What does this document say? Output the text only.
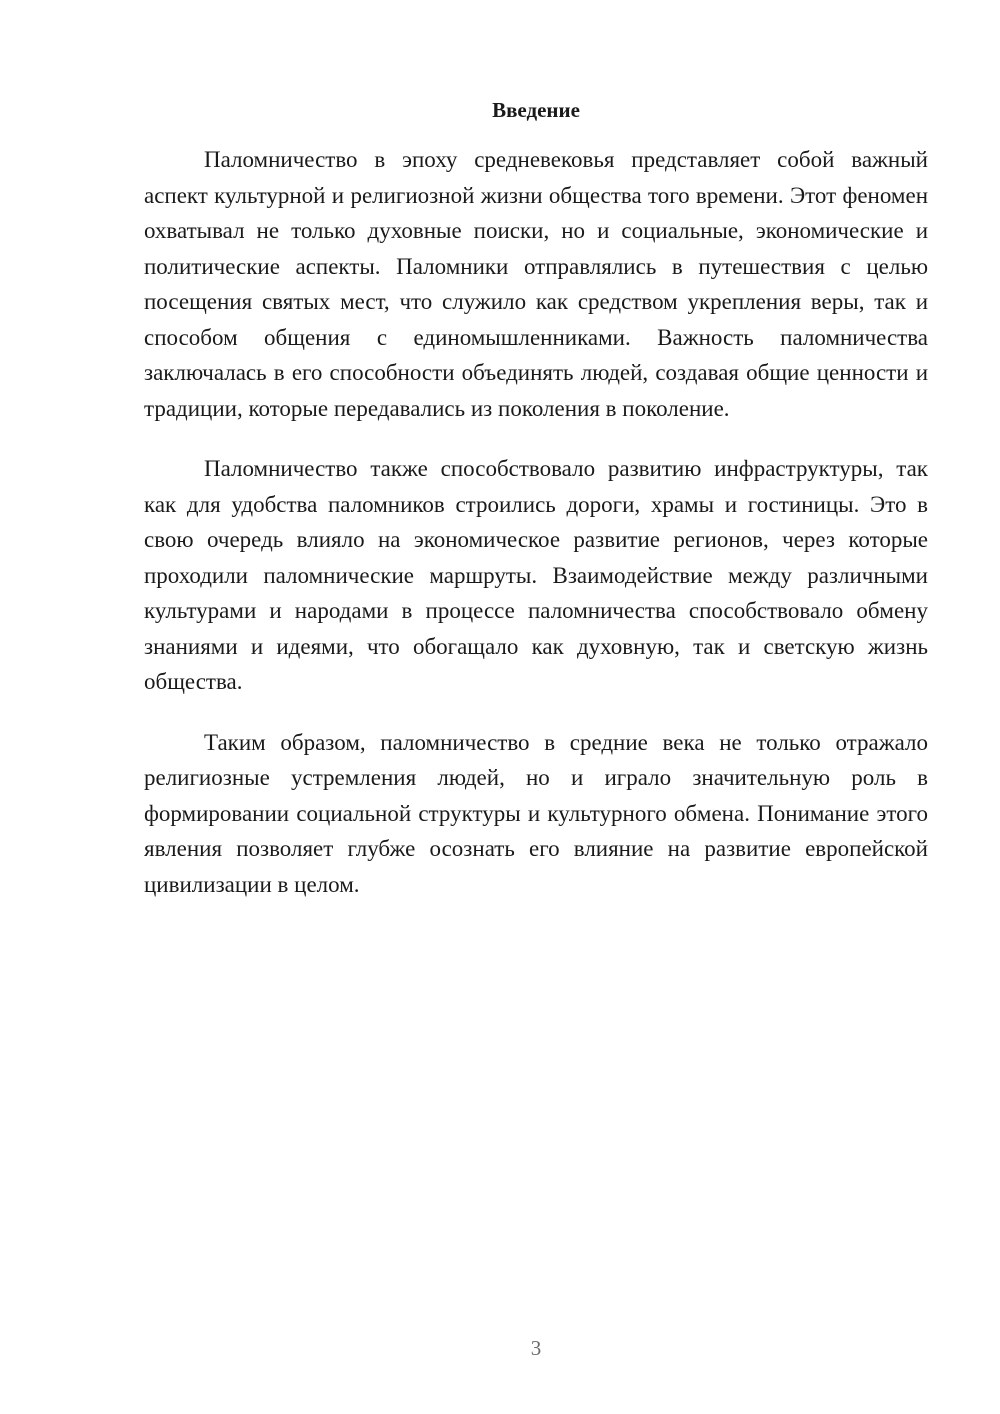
Введение

Паломничество в эпоху средневековья представляет собой важный аспект культурной и религиозной жизни общества того времени. Этот феномен охватывал не только духовные поиски, но и социальные, экономические и политические аспекты. Паломники отправлялись в путешествия с целью посещения святых мест, что служило как средством укрепления веры, так и способом общения с единомышленниками. Важность паломничества заключалась в его способности объединять людей, создавая общие ценности и традиции, которые передавались из поколения в поколение.

Паломничество также способствовало развитию инфраструктуры, так как для удобства паломников строились дороги, храмы и гостиницы. Это в свою очередь влияло на экономическое развитие регионов, через которые проходили паломнические маршруты. Взаимодействие между различными культурами и народами в процессе паломничества способствовало обмену знаниями и идеями, что обогащало как духовную, так и светскую жизнь общества.

Таким образом, паломничество в средние века не только отражало религиозные устремления людей, но и играло значительную роль в формировании социальной структуры и культурного обмена. Понимание этого явления позволяет глубже осознать его влияние на развитие европейской цивилизации в целом.

3
